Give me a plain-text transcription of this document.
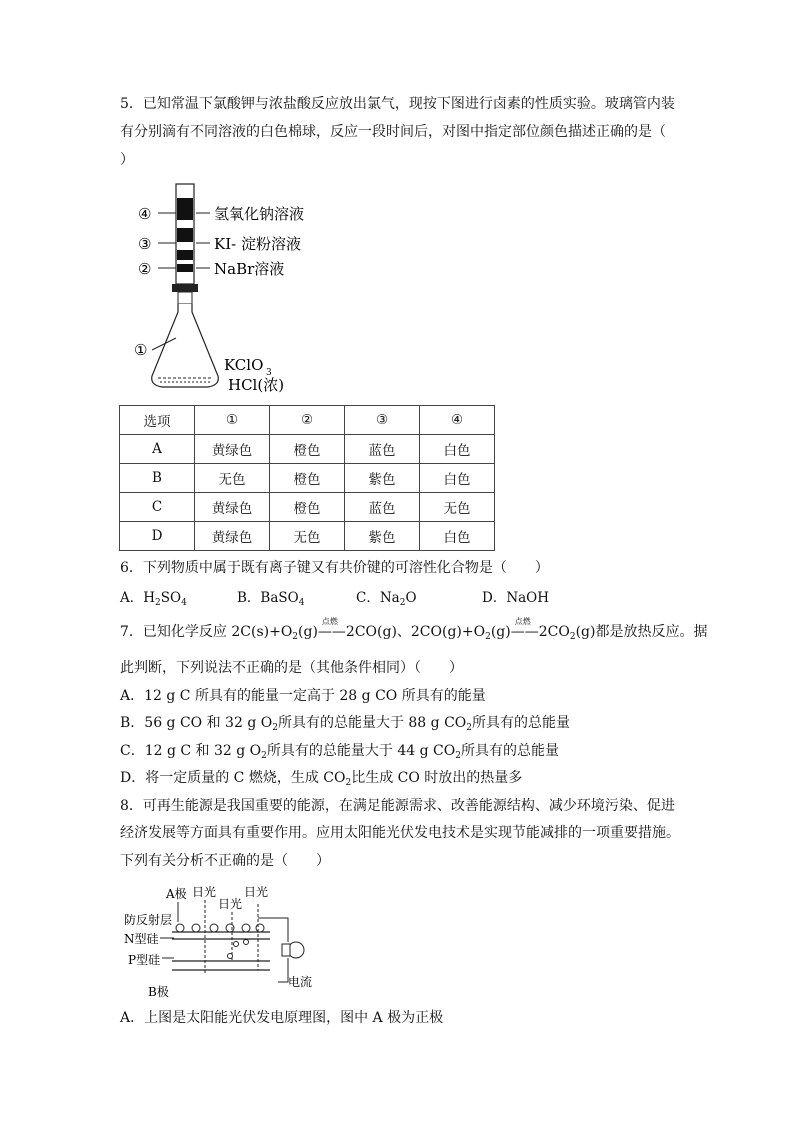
5．已知常温下氯酸钾与浓盐酸反应放出氯气，现按下图进行卤素的性质实验。玻璃管内装
有分别滴有不同溶液的白色棉球，反应一段时间后，对图中指定部位颜色描述正确的是（
）
④
③
②
①
氢氧化钠溶液
KI- 淀粉溶液
NaBr溶液
KClO 3
HCl(浓)
选项	①	②	③	④
A	黄绿色	橙色	蓝色	白色
B	无色	橙色	紫色	白色
C	黄绿色	橙色	蓝色	无色
D	黄绿色	无色	紫色	白色
6．下列物质中属于既有离子键又有共价键的可溶性化合物是（　　）
A．$H_2SO_4$	B．BaSO$_4$	C．$Na_2O$	D．NaOH
7．已知化学反应 $2C(s)+O_2(g)——$
点燃
2CO(g)、$2CO(g)+O_2(g)——$
点燃
$2CO_2(g)$都是放热反应。据
此判断，下列说法不正确的是（其他条件相同）（　　）
A．12 g C 所具有的能量一定高于 28 g CO 所具有的能量
B．56 g CO 和 32 g $O_2$所具有的总能量大于 88 g $CO_2$所具有的总能量
C．12 g C 和 32 g $O_2$所具有的总能量大于 44 g $CO_2$所具有的总能量
D．将一定质量的 C 燃烧，生成 $CO_2$比生成 CO 时放出的热量多
8．可再生能源是我国重要的能源，在满足能源需求、改善能源结构、减少环境污染、促进
经济发展等方面具有重要作用。应用太阳能光伏发电技术是实现节能减排的一项重要措施。
下列有关分析不正确的是（　　）
A极 日光
日光
日光
防反射层
N型硅
P型硅
B极
电流
A．上图是太阳能光伏发电原理图，图中 A 极为正极
